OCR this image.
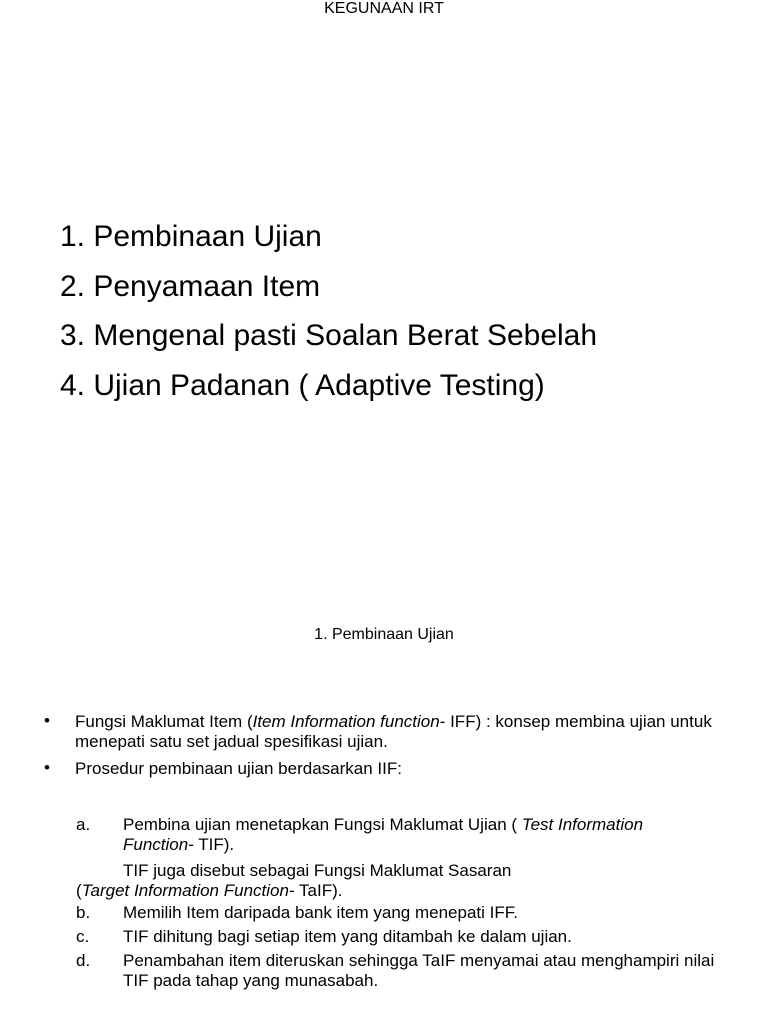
KEGUNAAN IRT
1. Pembinaan Ujian
2. Penyamaan Item
3. Mengenal pasti Soalan Berat Sebelah
4. Ujian Padanan ( Adaptive Testing)
1. Pembinaan Ujian
• Fungsi Maklumat Item (Item Information function- IFF) : konsep membina ujian untuk menepati satu set jadual spesifikasi ujian.
• Prosedur pembinaan ujian berdasarkan IIF:
a. Pembina ujian menetapkan Fungsi Maklumat Ujian ( Test Information Function- TIF).
b. Memilih Item daripada bank item yang menepati IFF.
c. TIF dihitung bagi setiap item yang ditambah ke dalam ujian.
d. Penambahan item diteruskan sehingga TaIF menyamai atau menghampiri nilai TIF pada tahap yang munasabah.
TIF juga disebut sebagai Fungsi Maklumat Sasaran
(Target Information Function- TaIF).
